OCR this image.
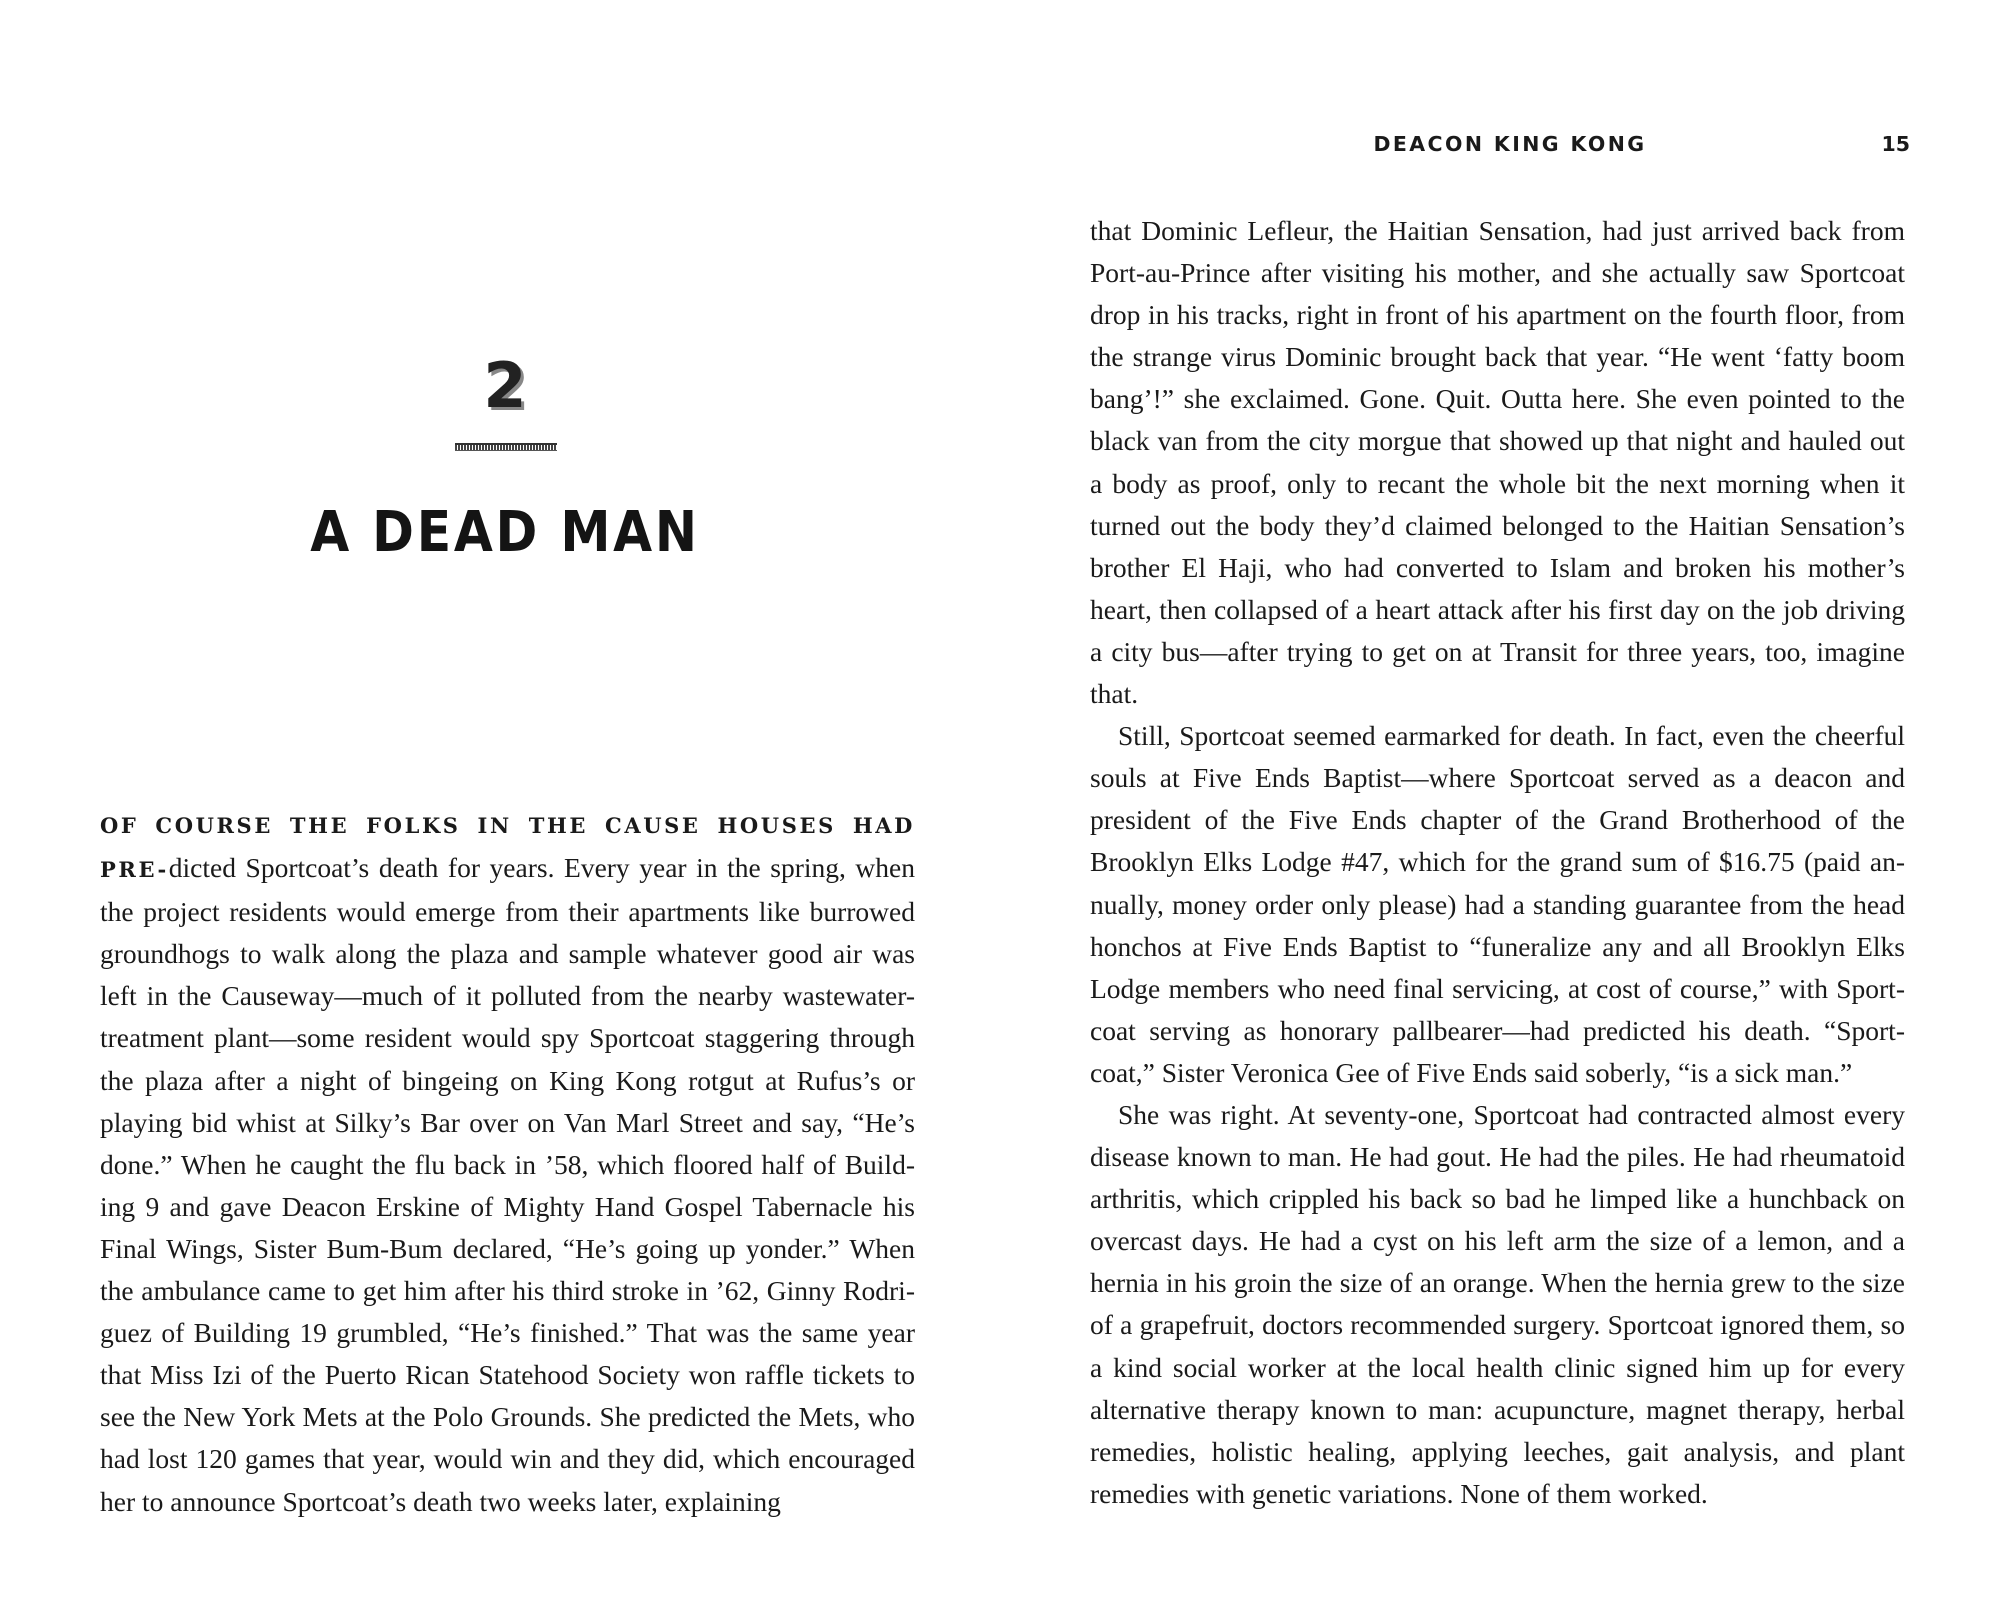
2
A DEAD MAN

OF COURSE THE FOLKS IN THE CAUSE HOUSES HAD PRE-dicted Sportcoat’s death for years. Every year in the spring, when the project residents would emerge from their apartments like burrowed groundhogs to walk along the plaza and sample whatever good air was left in the Causeway—much of it polluted from the nearby wastewater-treatment plant—some resident would spy Sportcoat staggering through the plaza after a night of bingeing on King Kong rotgut at Rufus’s or playing bid whist at Silky’s Bar over on Van Marl Street and say, “He’s done.” When he caught the flu back in ’58, which floored half of Building 9 and gave Deacon Erskine of Mighty Hand Gospel Tabernacle his Final Wings, Sister Bum-Bum declared, “He’s going up yonder.” When the ambulance came to get him after his third stroke in ’62, Ginny Rodriguez of Building 19 grumbled, “He’s finished.” That was the same year that Miss Izi of the Puerto Rican Statehood Society won raffle tickets to see the New York Mets at the Polo Grounds. She predicted the Mets, who had lost 120 games that year, would win and they did, which encouraged her to announce Sportcoat’s death two weeks later, explaining

DEACON KING KONG	15

that Dominic Lefleur, the Haitian Sensation, had just arrived back from Port-au-Prince after visiting his mother, and she actually saw Sportcoat drop in his tracks, right in front of his apartment on the fourth floor, from the strange virus Dominic brought back that year. “He went ‘fatty boom bang’!” she exclaimed. Gone. Quit. Outta here. She even pointed to the black van from the city morgue that showed up that night and hauled out a body as proof, only to recant the whole bit the next morning when it turned out the body they’d claimed belonged to the Haitian Sensation’s brother El Haji, who had converted to Islam and broken his mother’s heart, then collapsed of a heart attack after his first day on the job driving a city bus—after trying to get on at Transit for three years, too, imagine that.

Still, Sportcoat seemed earmarked for death. In fact, even the cheerful souls at Five Ends Baptist—where Sportcoat served as a deacon and president of the Five Ends chapter of the Grand Brotherhood of the Brooklyn Elks Lodge #47, which for the grand sum of $16.75 (paid annually, money order only please) had a standing guarantee from the head honchos at Five Ends Baptist to “funeralize any and all Brooklyn Elks Lodge members who need final servicing, at cost of course,” with Sportcoat serving as honorary pallbearer—had predicted his death. “Sportcoat,” Sister Veronica Gee of Five Ends said soberly, “is a sick man.”

She was right. At seventy-one, Sportcoat had contracted almost every disease known to man. He had gout. He had the piles. He had rheumatoid arthritis, which crippled his back so bad he limped like a hunchback on overcast days. He had a cyst on his left arm the size of a lemon, and a hernia in his groin the size of an orange. When the hernia grew to the size of a grapefruit, doctors recommended surgery. Sportcoat ignored them, so a kind social worker at the local health clinic signed him up for every alternative therapy known to man: acupuncture, magnet therapy, herbal remedies, holistic healing, applying leeches, gait analysis, and plant remedies with genetic variations. None of them worked.
